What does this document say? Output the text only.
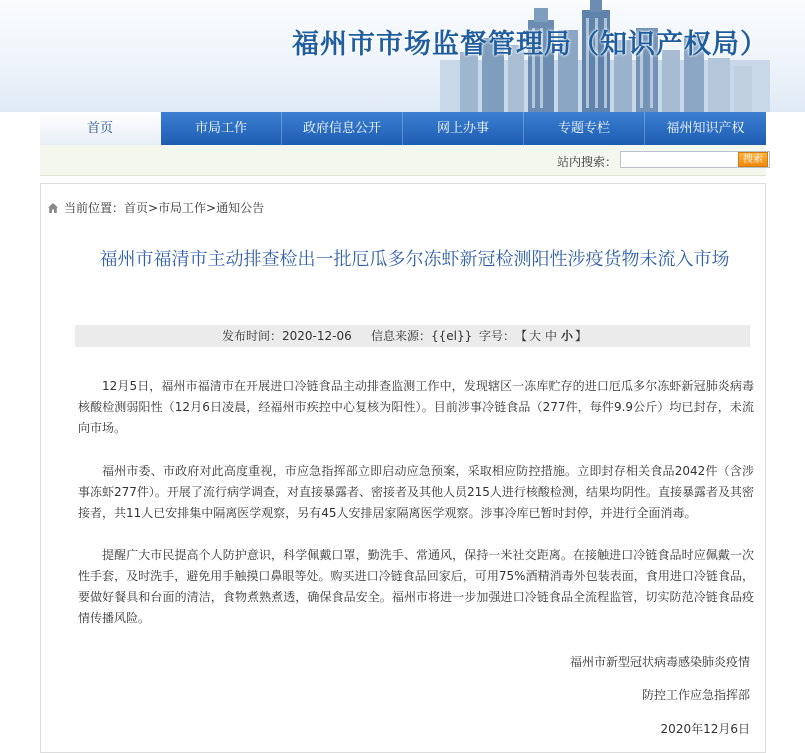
福州市市场监督管理局（知识产权局）
首页	市局工作	政府信息公开	网上办事	专题专栏	福州知识产权
站内搜索：	搜索
当前位置：首页>市局工作>通知公告
福州市福清市主动排查检出一批厄瓜多尔冻虾新冠检测阳性涉疫货物未流入市场
发布时间：2020-12-06 信息来源：{{el}} 字号： 【 大 中 小 】

12月5日，福州市福清市在开展进口冷链食品主动排查监测工作中，发现辖区一冻库贮存的进口厄瓜多尔冻虾新冠肺炎病毒核酸检测弱阳性（12月6日凌晨，经福州市疾控中心复核为阳性）。目前涉事冷链食品（277件，每件9.9公斤）均已封存，未流向市场。

福州市委、市政府对此高度重视，市应急指挥部立即启动应急预案，采取相应防控措施。立即封存相关食品2042件（含涉事冻虾277件）。开展了流行病学调查，对直接暴露者、密接者及其他人员215人进行核酸检测，结果均阴性。直接暴露者及其密接者，共11人已安排集中隔离医学观察，另有45人安排居家隔离医学观察。涉事冷库已暂时封停，并进行全面消毒。

提醒广大市民提高个人防护意识，科学佩戴口罩，勤洗手、常通风，保持一米社交距离。在接触进口冷链食品时应佩戴一次性手套，及时洗手，避免用手触摸口鼻眼等处。购买进口冷链食品回家后，可用75%酒精消毒外包装表面，食用进口冷链食品，要做好餐具和台面的清洁，食物煮熟煮透，确保食品安全。福州市将进一步加强进口冷链食品全流程监管，切实防范冷链食品疫情传播风险。

福州市新型冠状病毒感染肺炎疫情
防控工作应急指挥部
2020年12月6日
